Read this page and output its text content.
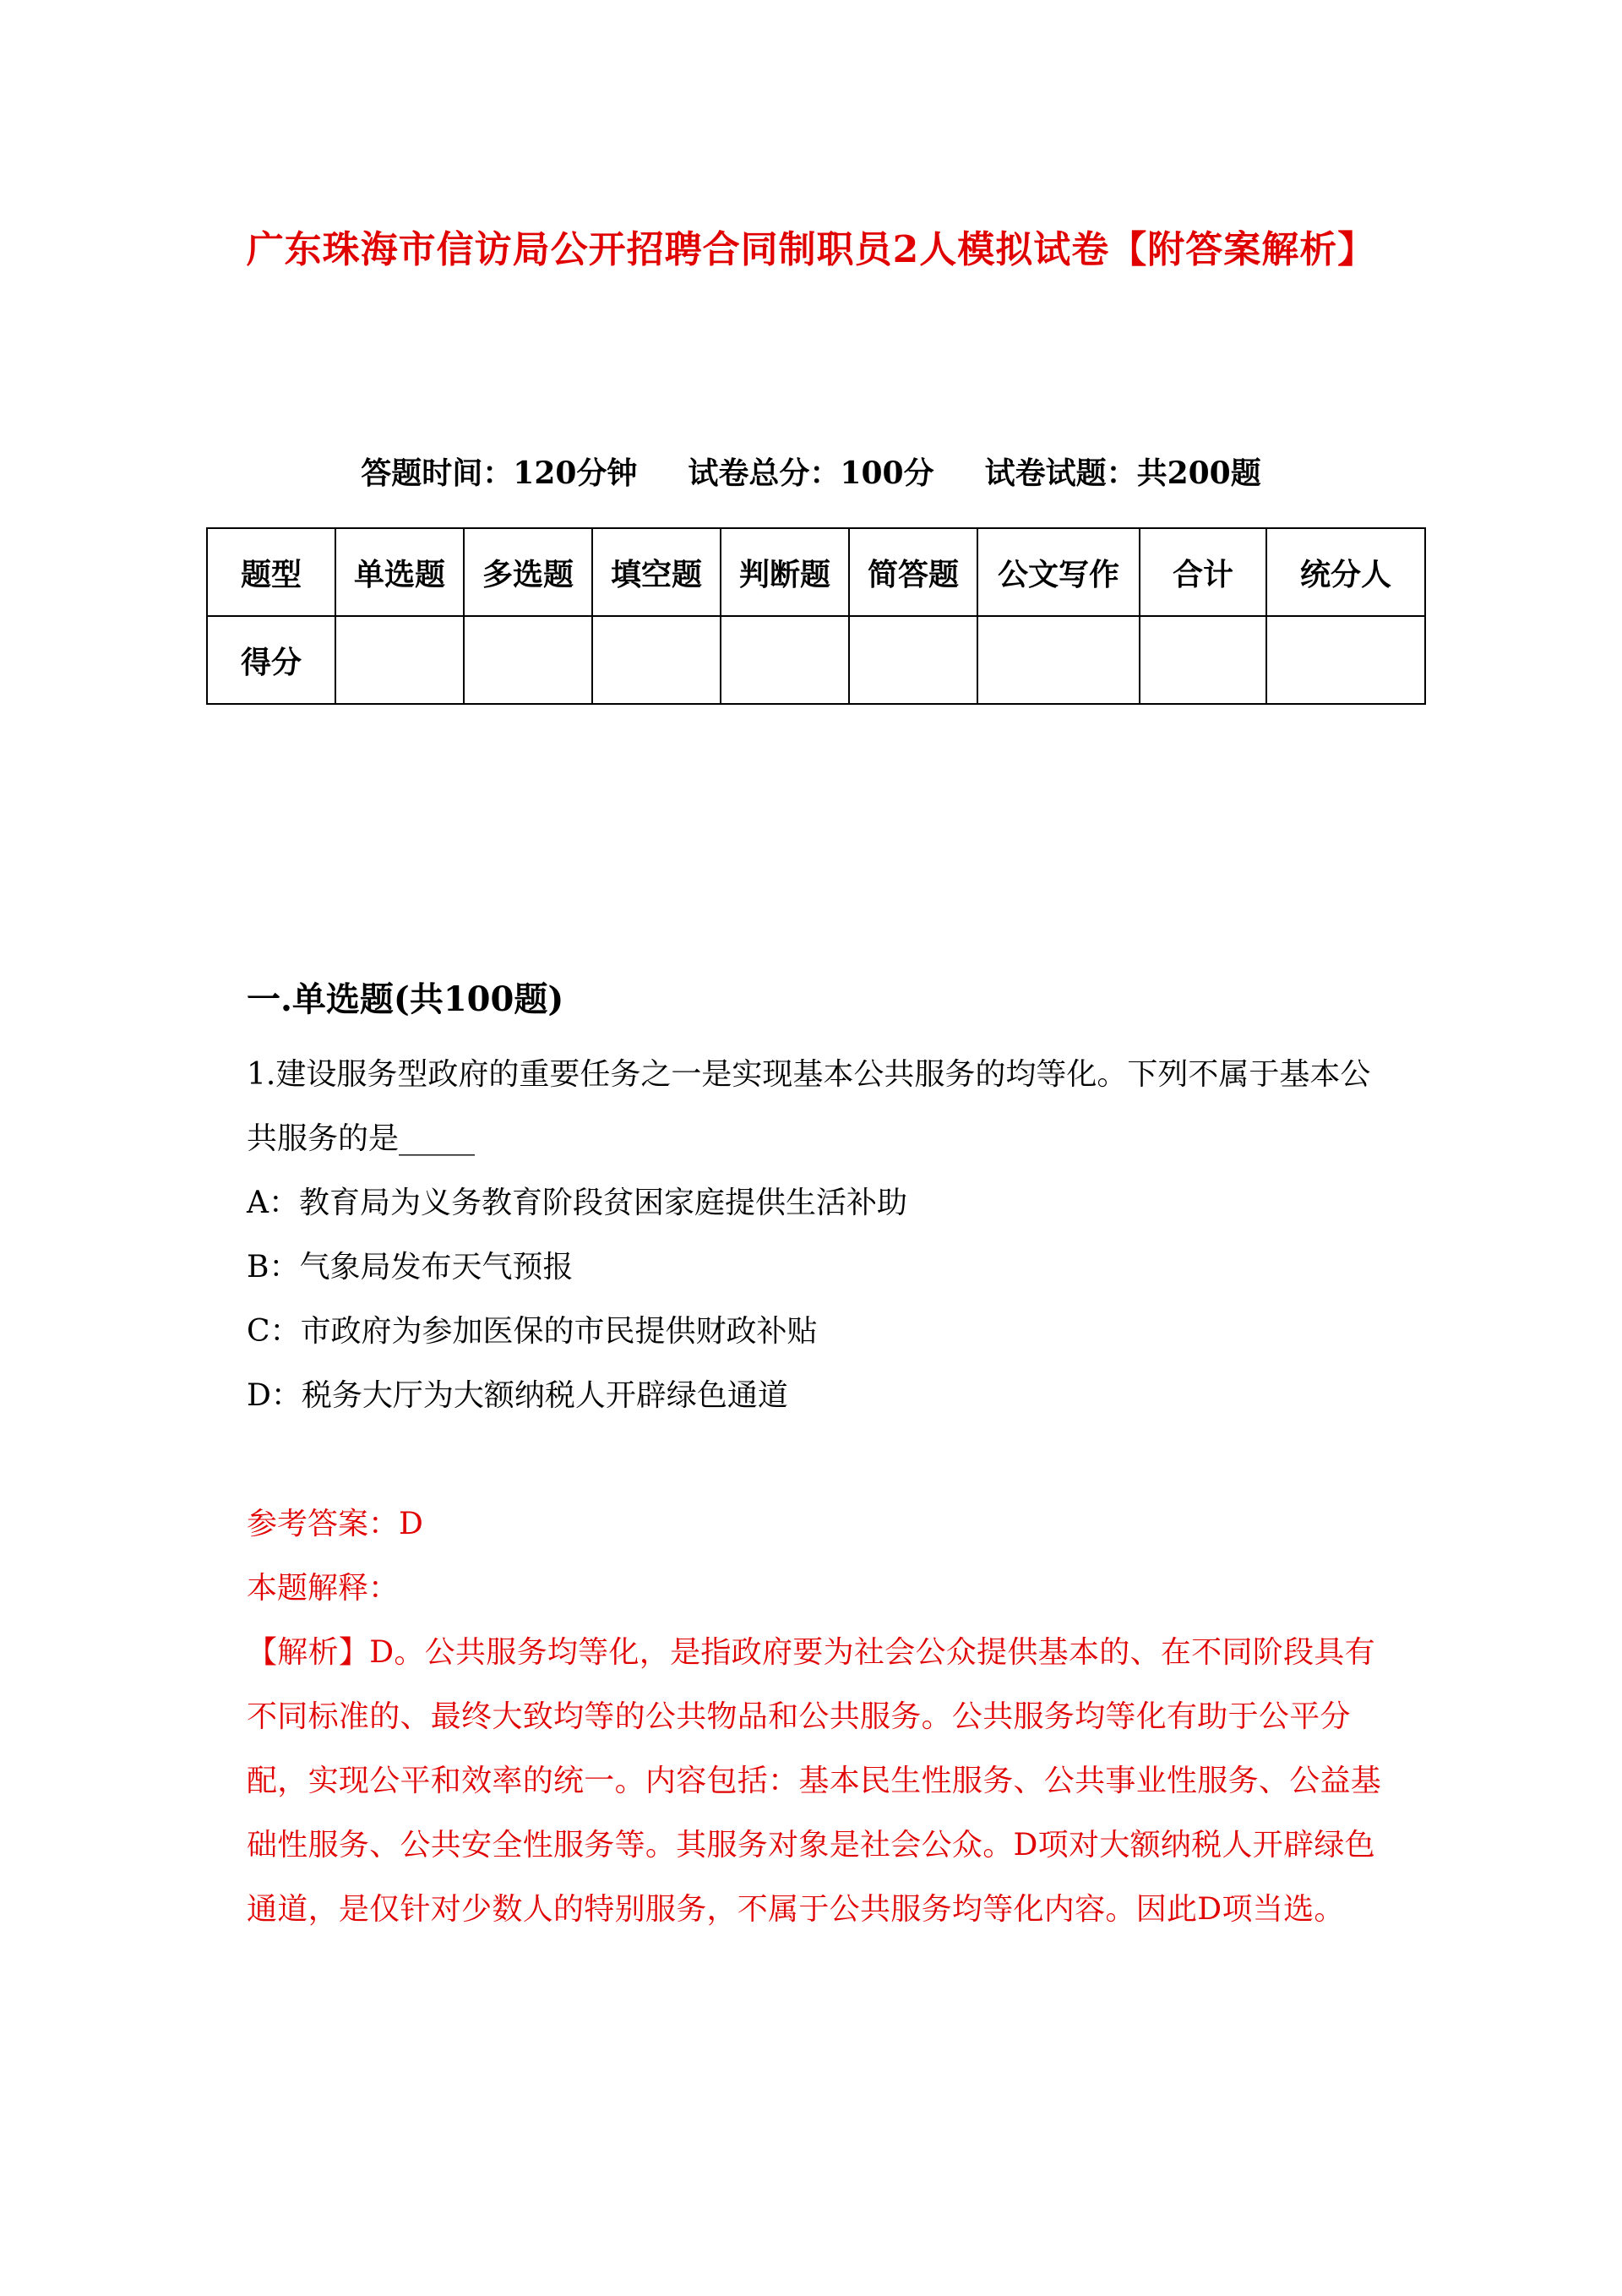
广东珠海市信访局公开招聘合同制职员2人模拟试卷【附答案解析】
答题时间：120分钟 试卷总分：100分 试卷试题：共200题
题型	单选题	多选题	填空题	判断题	简答题	公文写作	合计	统分人
得分								
一.单选题(共100题)
1.建设服务型政府的重要任务之一是实现基本公共服务的均等化。下列不属于基本公共服务的是_____
A：教育局为义务教育阶段贫困家庭提供生活补助
B：气象局发布天气预报
C：市政府为参加医保的市民提供财政补贴
D：税务大厅为大额纳税人开辟绿色通道
参考答案：D
本题解释：
【解析】D。公共服务均等化，是指政府要为社会公众提供基本的、在不同阶段具有不同标准的、最终大致均等的公共物品和公共服务。公共服务均等化有助于公平分配，实现公平和效率的统一。内容包括：基本民生性服务、公共事业性服务、公益基础性服务、公共安全性服务等。其服务对象是社会公众。D项对大额纳税人开辟绿色通道，是仅针对少数人的特别服务，不属于公共服务均等化内容。因此D项当选。
